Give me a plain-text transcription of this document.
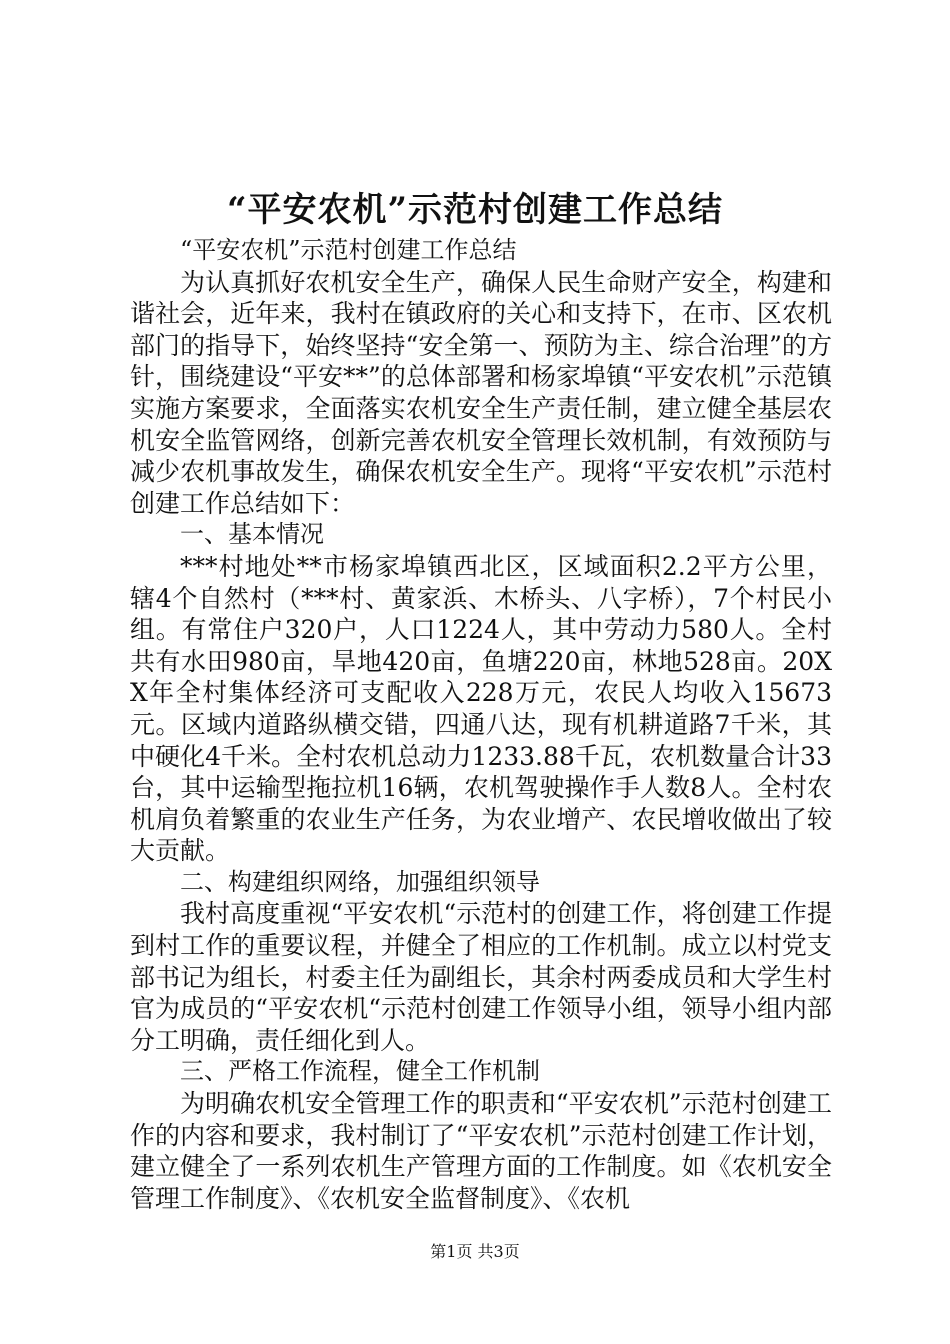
“平安农机”示范村创建工作总结

“平安农机”示范村创建工作总结

为认真抓好农机安全生产，确保人民生命财产安全，构建和谐社会，近年来，我村在镇政府的关心和支持下，在市、区农机部门的指导下，始终坚持“安全第一、预防为主、综合治理”的方针，围绕建设“平安**”的总体部署和杨家埠镇“平安农机”示范镇实施方案要求，全面落实农机安全生产责任制，建立健全基层农机安全监管网络，创新完善农机安全管理长效机制，有效预防与减少农机事故发生，确保农机安全生产。现将“平安农机”示范村创建工作总结如下：

一、基本情况

***村地处**市杨家埠镇西北区，区域面积2.2平方公里，辖4个自然村（***村、黄家浜、木桥头、八字桥），7个村民小组。有常住户320户，人口1224人，其中劳动力580人。全村共有水田980亩，旱地420亩，鱼塘220亩，林地528亩。20XX年全村集体经济可支配收入228万元，农民人均收入15673元。区域内道路纵横交错，四通八达，现有机耕道路7千米，其中硬化4千米。全村农机总动力1233.88千瓦，农机数量合计33台，其中运输型拖拉机16辆，农机驾驶操作手人数8人。全村农机肩负着繁重的农业生产任务，为农业增产、农民增收做出了较大贡献。

二、构建组织网络，加强组织领导

我村高度重视“平安农机“示范村的创建工作，将创建工作提到村工作的重要议程，并健全了相应的工作机制。成立以村党支部书记为组长，村委主任为副组长，其余村两委成员和大学生村官为成员的“平安农机“示范村创建工作领导小组，领导小组内部分工明确，责任细化到人。

三、严格工作流程，健全工作机制

为明确农机安全管理工作的职责和“平安农机”示范村创建工作的内容和要求，我村制订了“平安农机”示范村创建工作计划，建立健全了一系列农机生产管理方面的工作制度。如《农机安全管理工作制度》、《农机安全监督制度》、《农机

第1页 共3页
